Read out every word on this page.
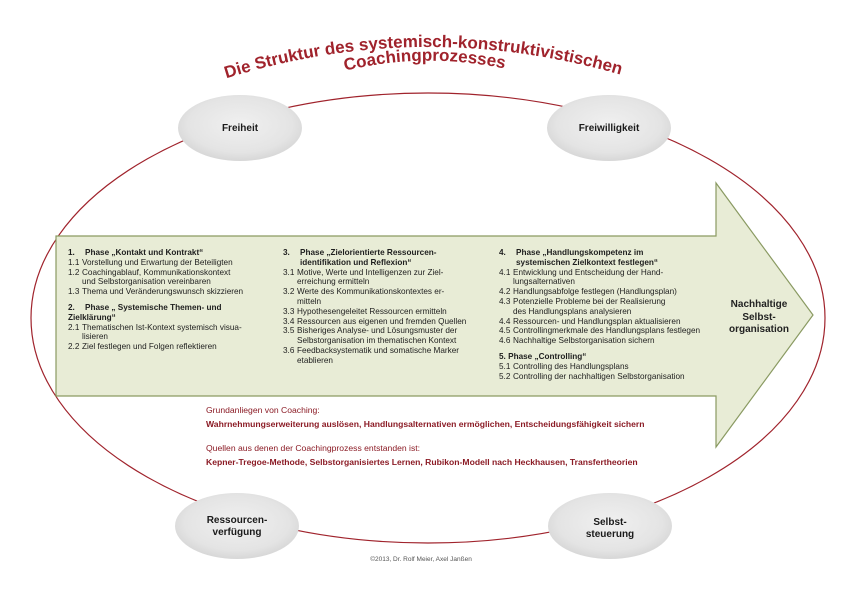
Die Struktur des systemisch-konstruktivistischen
Coachingprozesses
Freiheit	Freiwilligkeit
Ressourcen-
verfügung
Selbst-
steuerung
1.	Phase „Kontakt und Kontrakt“
1.1 Vorstellung und Erwartung der Beteiligten
1.2 Coachingablauf, Kommunikationskontext
und Selbstorganisation vereinbaren
1.3 Thema und Veränderungswunsch skizzieren
2.	Phase „ Systemische Themen- und
Zielklärung“
2.1 Thematischen Ist-Kontext systemisch visua-
lisieren
2.2 Ziel festlegen und Folgen reflektieren
3.	Phase „Zielorientierte Ressourcen-
identifikation und Reflexion“
3.1 Motive, Werte und Intelligenzen zur Ziel-
erreichung ermitteln
3.2 Werte des Kommunikationskontextes er-
mitteln
3.3 Hypothesengeleitet Ressourcen ermitteln
3.4 Ressourcen aus eigenen und fremden Quellen
3.5 Bisheriges Analyse- und Lösungsmuster der
Selbstorganisation im thematischen Kontext
3.6 Feedbacksystematik und somatische Marker
etablieren
4.	Phase „Handlungskompetenz im
systemischen Zielkontext festlegen“
4.1 Entwicklung und Entscheidung der Hand-
lungsalternativen
4.2 Handlungsabfolge festlegen (Handlungsplan)
4.3 Potenzielle Probleme bei der Realisierung
des Handlungsplans analysieren
4.4 Ressourcen- und Handlungsplan aktualisieren
4.5 Controllingmerkmale des Handlungsplans festlegen
4.6 Nachhaltige Selbstorganisation sichern
5. Phase „Controlling“
5.1 Controlling des Handlungsplans
5.2 Controlling der nachhaltigen Selbstorganisation
Nachhaltige
Selbst-
organisation
Grundanliegen von Coaching:
Wahrnehmungserweiterung auslösen, Handlungsalternativen ermöglichen, Entscheidungsfähigkeit sichern
Quellen aus denen der Coachingprozess entstanden ist:
Kepner-Tregoe-Methode, Selbstorganisiertes Lernen, Rubikon-Modell nach Heckhausen, Transfertheorien
©2013, Dr. Rolf Meier, Axel Janßen
